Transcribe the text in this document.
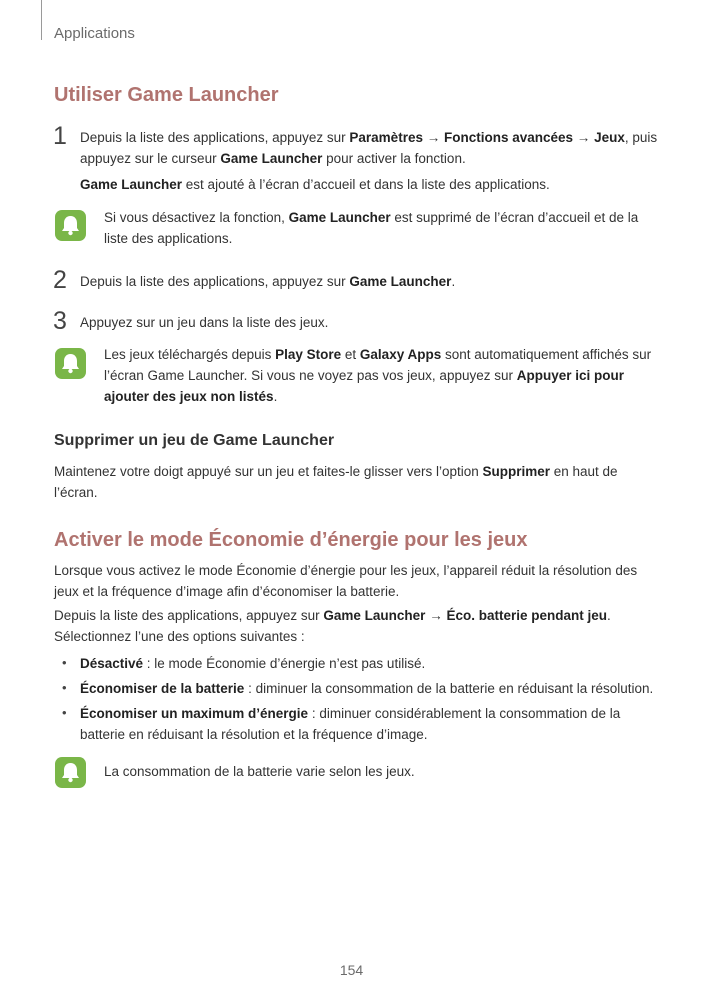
Applications
Utiliser Game Launcher
1 Depuis la liste des applications, appuyez sur Paramètres → Fonctions avancées → Jeux, puis appuyez sur le curseur Game Launcher pour activer la fonction.
Game Launcher est ajouté à l’écran d’accueil et dans la liste des applications.
Si vous désactivez la fonction, Game Launcher est supprimé de l’écran d’accueil et de la liste des applications.
2 Depuis la liste des applications, appuyez sur Game Launcher.
3 Appuyez sur un jeu dans la liste des jeux.
Les jeux téléchargés depuis Play Store et Galaxy Apps sont automatiquement affichés sur l’écran Game Launcher. Si vous ne voyez pas vos jeux, appuyez sur Appuyer ici pour ajouter des jeux non listés.
Supprimer un jeu de Game Launcher
Maintenez votre doigt appuyé sur un jeu et faites-le glisser vers l’option Supprimer en haut de l’écran.
Activer le mode Économie d’énergie pour les jeux
Lorsque vous activez le mode Économie d’énergie pour les jeux, l’appareil réduit la résolution des jeux et la fréquence d’image afin d’économiser la batterie.
Depuis la liste des applications, appuyez sur Game Launcher → Éco. batterie pendant jeu. Sélectionnez l’une des options suivantes :
• Désactivé : le mode Économie d’énergie n’est pas utilisé.
• Économiser de la batterie : diminuer la consommation de la batterie en réduisant la résolution.
• Économiser un maximum d’énergie : diminuer considérablement la consommation de la batterie en réduisant la résolution et la fréquence d’image.
La consommation de la batterie varie selon les jeux.
154
